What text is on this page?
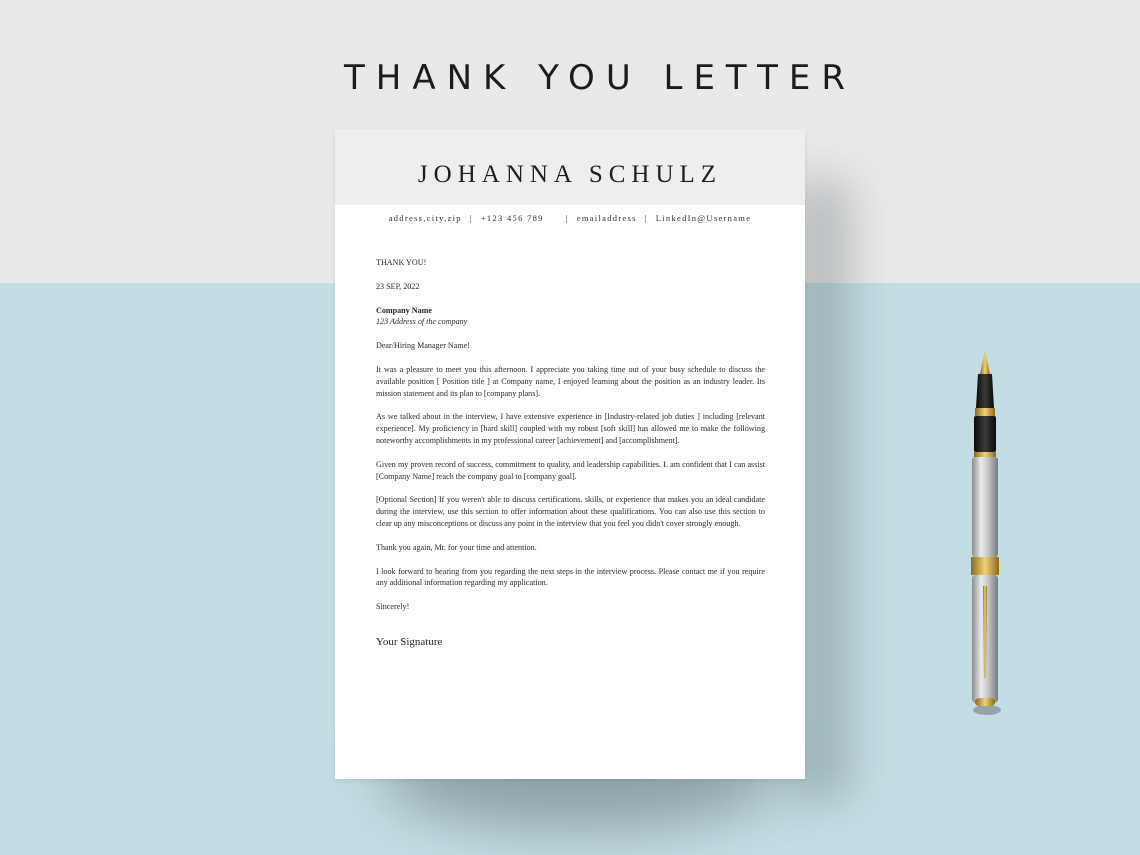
THANK YOU LETTER
JOHANNA SCHULZ
address,city,zip | +123 456 789	| emailaddress | LinkedIn@Username

THANK YOU!

23 SEP, 2022

Company Name
123 Address of the company

Dear/Hiring Manager Name!

It was a pleasure to meet you this afternoon. I appreciate you taking time out of your busy schedule to discuss the available position [ Position title ] at Company name, I enjoyed learning about the position as an industry leader. Its mission statement and its plan to [company plans].

As we talked about in the interview, I have extensive experience in [Industry-related job duties ] including [relevant experience]. My proficiency in [hard skill] coupled with my robust [soft skill] has allowed me to make the following noteworthy accomplishments in my professional career [achievement] and [accomplishment].

Given my proven record of success, commitment to quality, and leadership capabilities. I. am confident that I can assist [Company Name] reach the company goal to [company goal].

[Optional Section] If you weren't able to discuss certifications. skills, or experience that makes you an ideal candidate during the interview, use this section to offer information about these qualifications. You can also use this section to clear up any misconceptions or discuss any point in the interview that you feel you didn't cover strongly enough.

Thank you again, Mr. for your time and attention.

I look forward to hearing from you regarding the next steps in the interview process. Please contact me if you require any additional information regarding my application.

Sincerely!

Your Signature
